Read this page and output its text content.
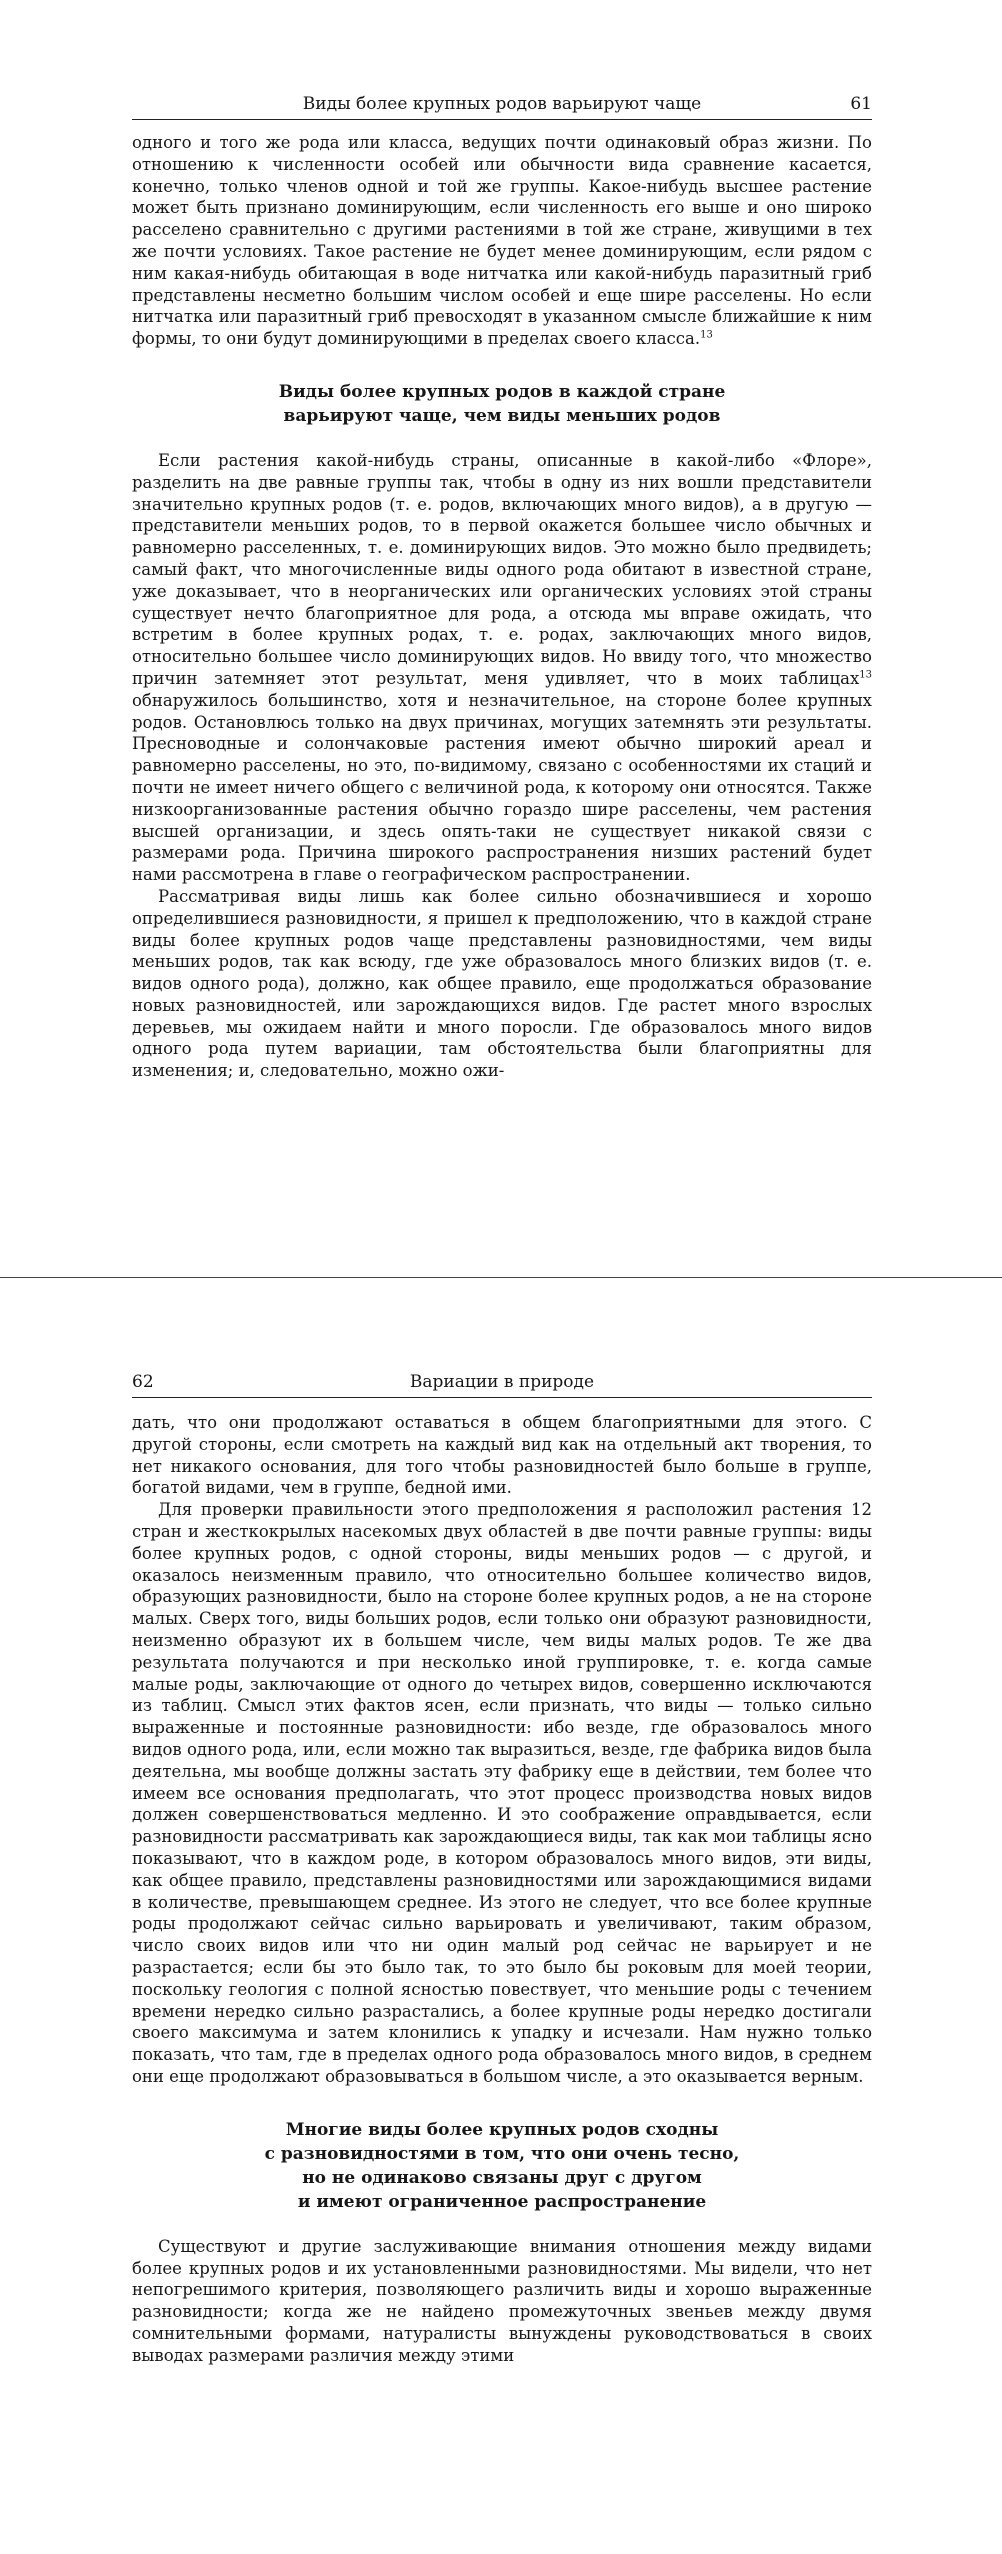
Виды более крупных родов варьируют чаще	61

одного и того же рода или класса, ведущих почти одинаковый образ жизни. По отношению к численности особей или обычности вида сравнение касается, конечно, только членов одной и той же группы. Какое-нибудь высшее растение может быть признано доминирующим, если численность его выше и оно широко расселено сравнительно с другими растениями в той же стране, живущими в тех же почти условиях. Такое растение не будет менее доминирующим, если рядом с ним какая-нибудь обитающая в воде нитчатка или какой-нибудь паразитный гриб представлены несметно большим числом особей и еще шире расселены. Но если нитчатка или паразитный гриб превосходят в указанном смысле ближайшие к ним формы, то они будут доминирующими в пределах своего класса.$^{13}$

Виды более крупных родов в каждой стране
варьируют чаще, чем виды меньших родов

Если растения какой-нибудь страны, описанные в какой-либо «Флоре», разделить на две равные группы так, чтобы в одну из них вошли представители значительно крупных родов (т. е. родов, включающих много видов), а в другую — представители меньших родов, то в первой окажется большее число обычных и равномерно расселенных, т. е. доминирующих видов. Это можно было предвидеть; самый факт, что многочисленные виды одного рода обитают в известной стране, уже доказывает, что в неорганических или органических условиях этой страны существует нечто благоприятное для рода, а отсюда мы вправе ожидать, что встретим в более крупных родах, т. е. родах, заключающих много видов, относительно большее число доминирующих видов. Но ввиду того, что множество причин затемняет этот результат, меня удивляет, что в моих таблицах$^{13}$ обнаружилось большинство, хотя и незначительное, на стороне более крупных родов. Остановлюсь только на двух причинах, могущих затемнять эти результаты. Пресноводные и солончаковые растения имеют обычно широкий ареал и равномерно расселены, но это, по-видимому, связано с особенностями их стаций и почти не имеет ничего общего с величиной рода, к которому они относятся. Также низкоорганизованные растения обычно гораздо шире расселены, чем растения высшей организации, и здесь опять-таки не существует никакой связи с размерами рода. Причина широкого распространения низших растений будет нами рассмотрена в главе о географическом распространении.

Рассматривая виды лишь как более сильно обозначившиеся и хорошо определившиеся разновидности, я пришел к предположению, что в каждой стране виды более крупных родов чаще представлены разновидностями, чем виды меньших родов, так как всюду, где уже образовалось много близких видов (т. е. видов одного рода), должно, как общее правило, еще продолжаться образование новых разновидностей, или зарождающихся видов. Где растет много взрослых деревьев, мы ожидаем найти и много поросли. Где образовалось много видов одного рода путем вариации, там обстоятельства были благоприятны для изменения; и, следовательно, можно ожи-

62	Вариации в природе

дать, что они продолжают оставаться в общем благоприятными для этого. С другой стороны, если смотреть на каждый вид как на отдельный акт творения, то нет никакого основания, для того чтобы разновидностей было больше в группе, богатой видами, чем в группе, бедной ими.

Для проверки правильности этого предположения я расположил растения 12 стран и жесткокрылых насекомых двух областей в две почти равные группы: виды более крупных родов, с одной стороны, виды меньших родов — с другой, и оказалось неизменным правило, что относительно большее количество видов, образующих разновидности, было на стороне более крупных родов, а не на стороне малых. Сверх того, виды больших родов, если только они образуют разновидности, неизменно образуют их в большем числе, чем виды малых родов. Те же два результата получаются и при несколько иной группировке, т. е. когда самые малые роды, заключающие от одного до четырех видов, совершенно исключаются из таблиц. Смысл этих фактов ясен, если признать, что виды — только сильно выраженные и постоянные разновидности: ибо везде, где образовалось много видов одного рода, или, если можно так выразиться, везде, где фабрика видов была деятельна, мы вообще должны застать эту фабрику еще в действии, тем более что имеем все основания предполагать, что этот процесс производства новых видов должен совершенствоваться медленно. И это соображение оправдывается, если разновидности рассматривать как зарождающиеся виды, так как мои таблицы ясно показывают, что в каждом роде, в котором образовалось много видов, эти виды, как общее правило, представлены разновидностями или зарождающимися видами в количестве, превышающем среднее. Из этого не следует, что все более крупные роды продолжают сейчас сильно варьировать и увеличивают, таким образом, число своих видов или что ни один малый род сейчас не варьирует и не разрастается; если бы это было так, то это было бы роковым для моей теории, поскольку геология с полной ясностью повествует, что меньшие роды с течением времени нередко сильно разрастались, а более крупные роды нередко достигали своего максимума и затем клонились к упадку и исчезали. Нам нужно только показать, что там, где в пределах одного рода образовалось много видов, в среднем они еще продолжают образовываться в большом числе, а это оказывается верным.

Многие виды более крупных родов сходны
с разновидностями в том, что они очень тесно,
но не одинаково связаны друг с другом
и имеют ограниченное распространение

Существуют и другие заслуживающие внимания отношения между видами более крупных родов и их установленными разновидностями. Мы видели, что нет непогрешимого критерия, позволяющего различить виды и хорошо выраженные разновидности; когда же не найдено промежуточных звеньев между двумя сомнительными формами, натуралисты вынуждены руководствоваться в своих выводах размерами различия между этими
